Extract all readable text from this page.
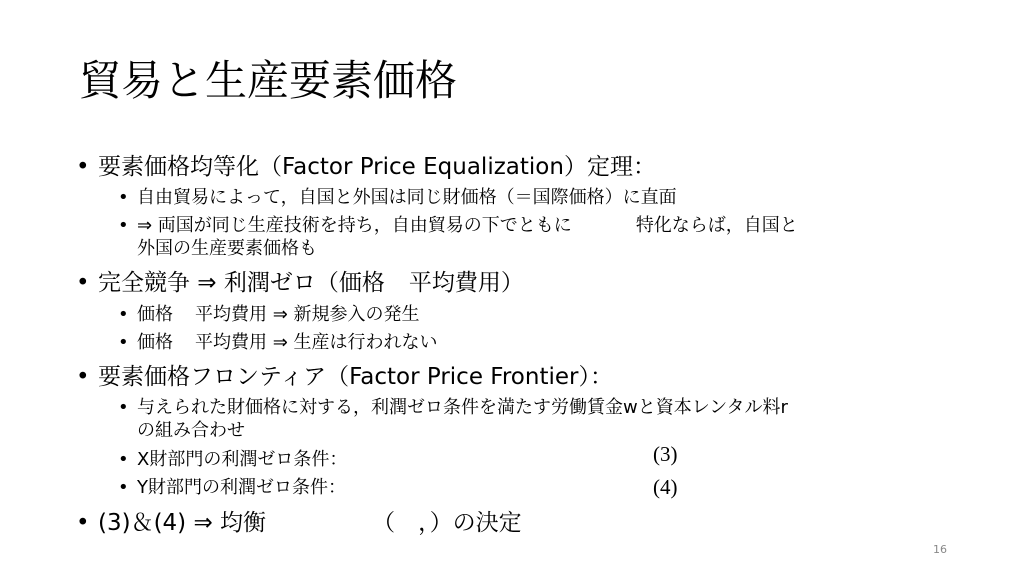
貿易と生産要素価格
• 要素価格均等化（Factor Price Equalization）定理：
• 自由貿易によって，自国と外国は同じ財価格（＝国際価格）に直面
• ⇒ 両国が同じ生産技術を持ち，自由貿易の下でともに	特化ならば，自国と
外国の生産要素価格も
• 完全競争 ⇒ 利潤ゼロ（価格 平均費用）
• 価格 平均費用 ⇒ 新規参入の発生
• 価格 平均費用 ⇒ 生産は行われない
• 要素価格フロンティア（Factor Price Frontier）：
• 与えられた財価格に対する，利潤ゼロ条件を満たす労働賃金wと資本レンタル料r
の組み合わせ
• X財部門の利潤ゼロ条件：
• Y財部門の利潤ゼロ条件：
(3)
(4)
• (3)＆(4) ⇒ 均衡	（　，）の決定
16
